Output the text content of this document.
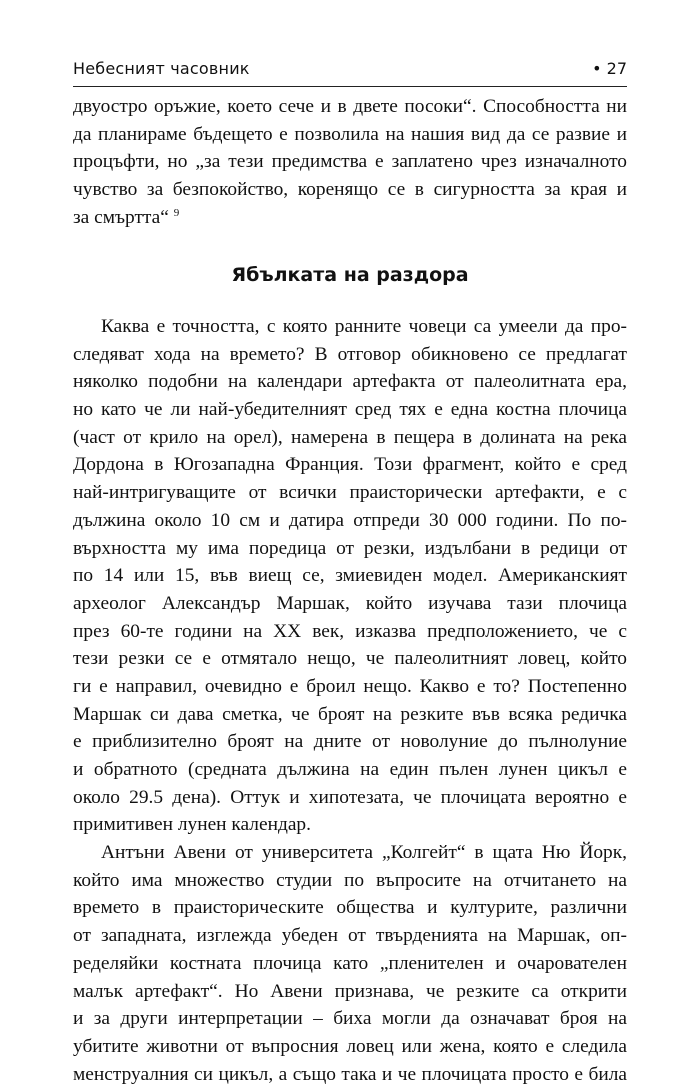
Небесният часовник	• 27
двуостро оръжие, което сече и в двете посоки“. Способността ни
да планираме бъдещето е позволила на нашия вид да се развие и
процъфти, но „за тези предимства е заплатено чрез изначалното
чувство за безпокойство, коренящо се в сигурността за края и
за смъртта“ $^9$
Ябълката на раздора
Каква е точността, с която ранните човеци са умеели да про-
следяват хода на времето? В отговор обикновено се предлагат
няколко подобни на календари артефакта от палеолитната ера,
но като че ли най-убедителният сред тях е една костна плочица
(част от крило на орел), намерена в пещера в долината на река
Дордона в Югозападна Франция. Този фрагмент, който е сред
най-интригуващите от всички праисторически артефакти, е с
дължина около 10 см и датира отпреди 30 000 години. По по-
върхността му има поредица от резки, издълбани в редици от
по 14 или 15, във виещ се, змиевиден модел. Американският
археолог Александър Маршак, който изучава тази плочица
през 60-те години на XX век, изказва предположението, че с
тези резки се е отмятало нещо, че палеолитният ловец, който
ги е направил, очевидно е броил нещо. Какво е то? Постепенно
Маршак си дава сметка, че броят на резките във всяка редичка
е приблизително броят на дните от новолуние до пълнолуние
и обратното (средната дължина на един пълен лунен цикъл е
около 29.5 дена). Оттук и хипотезата, че плочицата вероятно е
примитивен лунен календар.
Антъни Авени от университета „Колгейт“ в щата Ню Йорк,
който има множество студии по въпросите на отчитането на
времето в праисторическите общества и културите, различни
от западната, изглежда убеден от твърденията на Маршак, оп-
ределяйки костната плочица като „пленителен и очарователен
малък артефакт“. Но Авени признава, че резките са открити
и за други интерпретации – биха могли да означават броя на
убитите животни от въпросния ловец или жена, която е следила
менструалния си цикъл, а също така и че плочицата просто е била
